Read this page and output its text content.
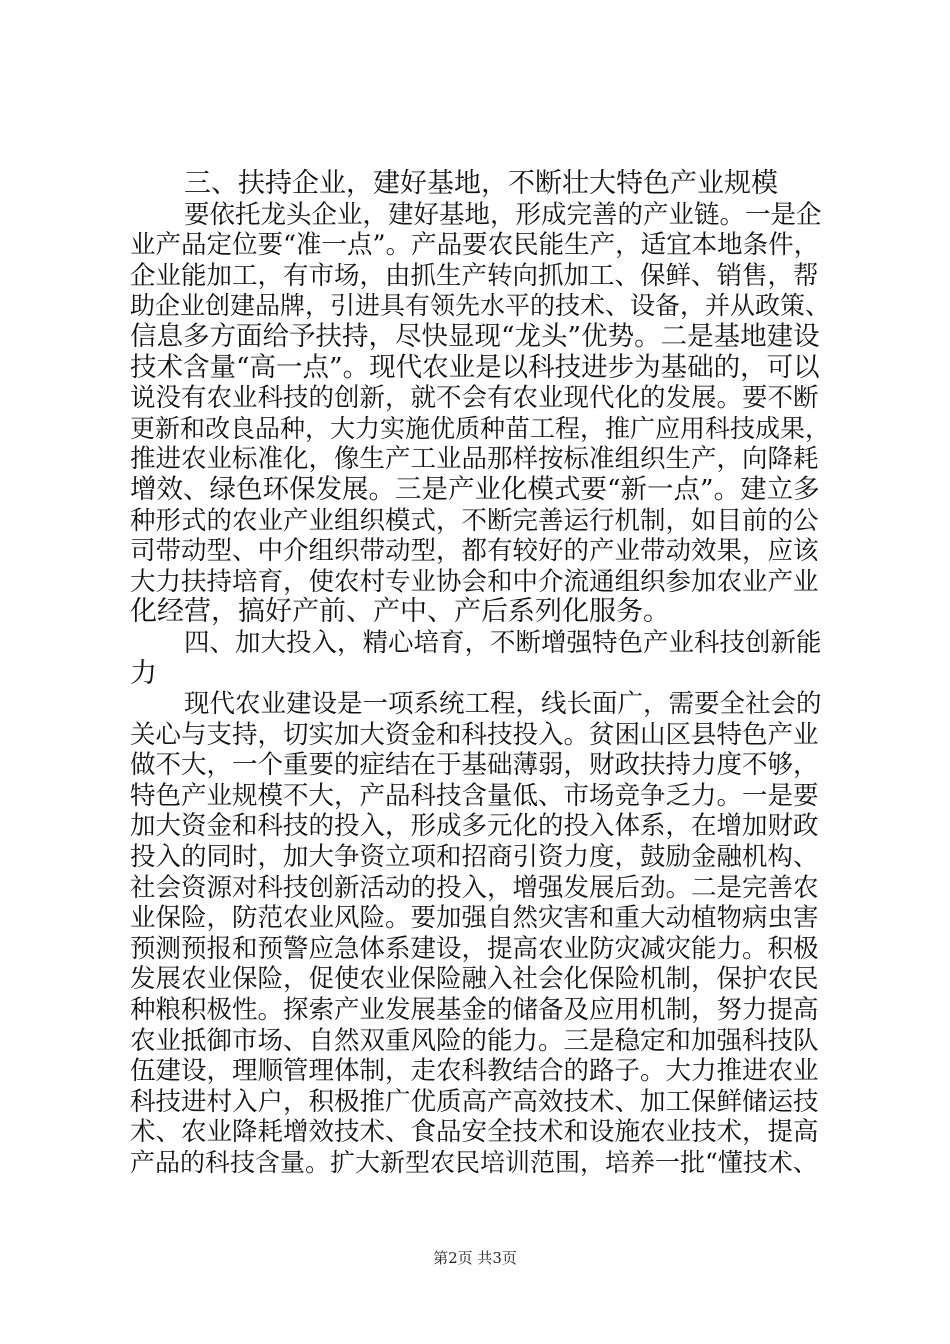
三、扶持企业，建好基地，不断壮大特色产业规模
要依托龙头企业，建好基地，形成完善的产业链。一是企
业产品定位要“准一点”。产品要农民能生产，适宜本地条件，
企业能加工，有市场，由抓生产转向抓加工、保鲜、销售，帮
助企业创建品牌，引进具有领先水平的技术、设备，并从政策、
信息多方面给予扶持，尽快显现“龙头”优势。二是基地建设
技术含量“高一点”。现代农业是以科技进步为基础的，可以
说没有农业科技的创新，就不会有农业现代化的发展。要不断
更新和改良品种，大力实施优质种苗工程，推广应用科技成果，
推进农业标准化，像生产工业品那样按标准组织生产，向降耗
增效、绿色环保发展。三是产业化模式要“新一点”。建立多
种形式的农业产业组织模式，不断完善运行机制，如目前的公
司带动型、中介组织带动型，都有较好的产业带动效果，应该
大力扶持培育，使农村专业协会和中介流通组织参加农业产业
化经营，搞好产前、产中、产后系列化服务。
四、加大投入，精心培育，不断增强特色产业科技创新能
力
现代农业建设是一项系统工程，线长面广，需要全社会的
关心与支持，切实加大资金和科技投入。贫困山区县特色产业
做不大，一个重要的症结在于基础薄弱，财政扶持力度不够，
特色产业规模不大，产品科技含量低、市场竞争乏力。一是要
加大资金和科技的投入，形成多元化的投入体系，在增加财政
投入的同时，加大争资立项和招商引资力度，鼓励金融机构、
社会资源对科技创新活动的投入，增强发展后劲。二是完善农
业保险，防范农业风险。要加强自然灾害和重大动植物病虫害
预测预报和预警应急体系建设，提高农业防灾减灾能力。积极
发展农业保险，促使农业保险融入社会化保险机制，保护农民
种粮积极性。探索产业发展基金的储备及应用机制，努力提高
农业抵御市场、自然双重风险的能力。三是稳定和加强科技队
伍建设，理顺管理体制，走农科教结合的路子。大力推进农业
科技进村入户，积极推广优质高产高效技术、加工保鲜储运技
术、农业降耗增效技术、食品安全技术和设施农业技术，提高
产品的科技含量。扩大新型农民培训范围，培养一批“懂技术、
第2页 共3页
